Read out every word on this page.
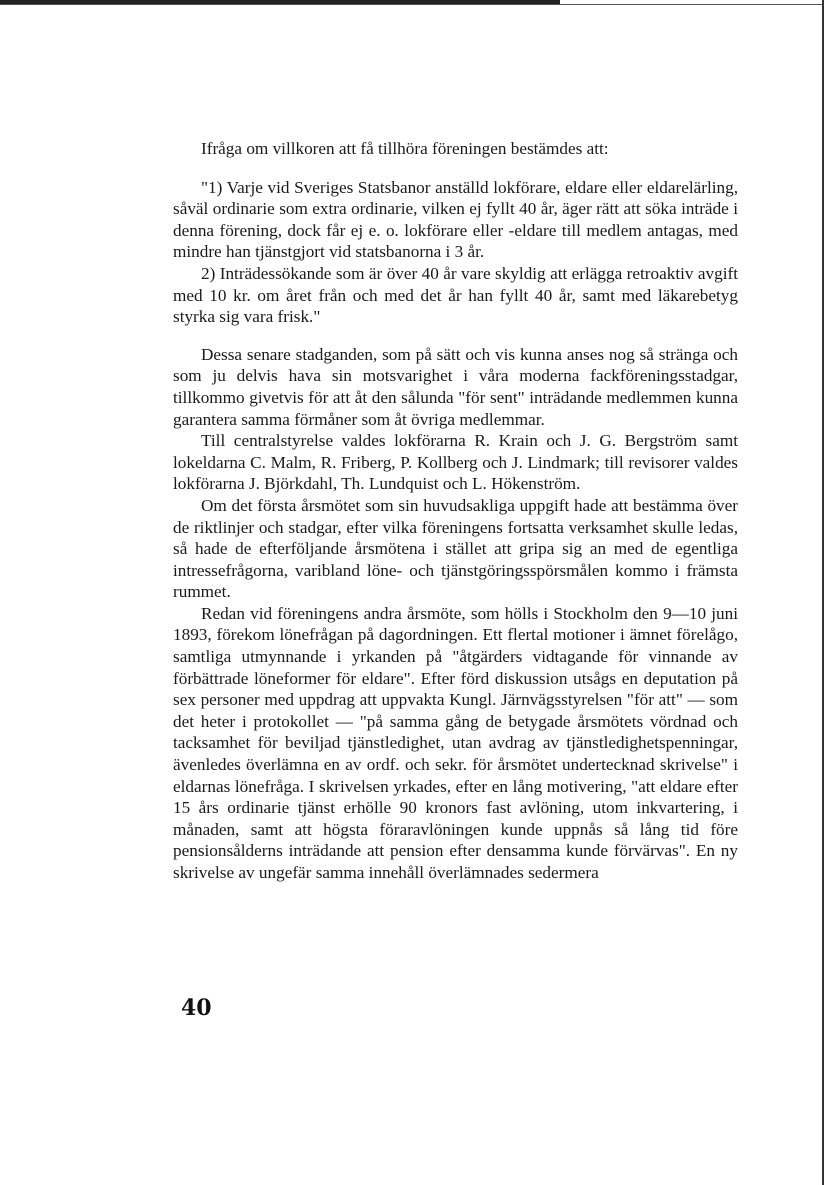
Ifråga om villkoren att få tillhöra föreningen bestämdes att:

"1) Varje vid Sveriges Statsbanor anställd lokförare, eldare eller eldarelärling, såväl ordinarie som extra ordinarie, vilken ej fyllt 40 år, äger rätt att söka inträde i denna förening, dock får ej e. o. lokförare eller -eldare till medlem antagas, med mindre han tjänstgjort vid statsbanorna i 3 år.

2) Inträdessökande som är över 40 år vare skyldig att erlägga retroaktiv avgift med 10 kr. om året från och med det år han fyllt 40 år, samt med läkarebetyg styrka sig vara frisk."

Dessa senare stadganden, som på sätt och vis kunna anses nog så stränga och som ju delvis hava sin motsvarighet i våra moderna fackföreningsstadgar, tillkommo givetvis för att åt den sålunda "för sent" inträdande medlemmen kunna garantera samma förmåner som åt övriga medlemmar.

Till centralstyrelse valdes lokförarna R. Krain och J. G. Bergström samt lokeldarna C. Malm, R. Friberg, P. Kollberg och J. Lindmark; till revisorer valdes lokförarna J. Björkdahl, Th. Lundquist och L. Hökenström.

Om det första årsmötet som sin huvudsakliga uppgift hade att bestämma över de riktlinjer och stadgar, efter vilka föreningens fortsatta verksamhet skulle ledas, så hade de efterföljande årsmötena i stället att gripa sig an med de egentliga intressefrågorna, varibland löne- och tjänstgöringsspörsmålen kommo i främsta rummet.

Redan vid föreningens andra årsmöte, som hölls i Stockholm den 9—10 juni 1893, förekom lönefrågan på dagordningen. Ett flertal motioner i ämnet förelågo, samtliga utmynnande i yrkanden på "åtgärders vidtagande för vinnande av förbättrade löneformer för eldare". Efter förd diskussion utsågs en deputation på sex personer med uppdrag att uppvakta Kungl. Järnvägsstyrelsen "för att" — som det heter i protokollet — "på samma gång de betygade årsmötets vördnad och tacksamhet för beviljad tjänstledighet, utan avdrag av tjänstledighetspenningar, ävenledes överlämna en av ordf. och sekr. för årsmötet undertecknad skrivelse" i eldarnas lönefråga. I skrivelsen yrkades, efter en lång motivering, "att eldare efter 15 års ordinarie tjänst erhölle 90 kronors fast avlöning, utom inkvartering, i månaden, samt att högsta föraravlöningen kunde uppnås så lång tid före pensionsålderns inträdande att pension efter densamma kunde förvärvas". En ny skrivelse av ungefär samma innehåll överlämnades sedermera

40
